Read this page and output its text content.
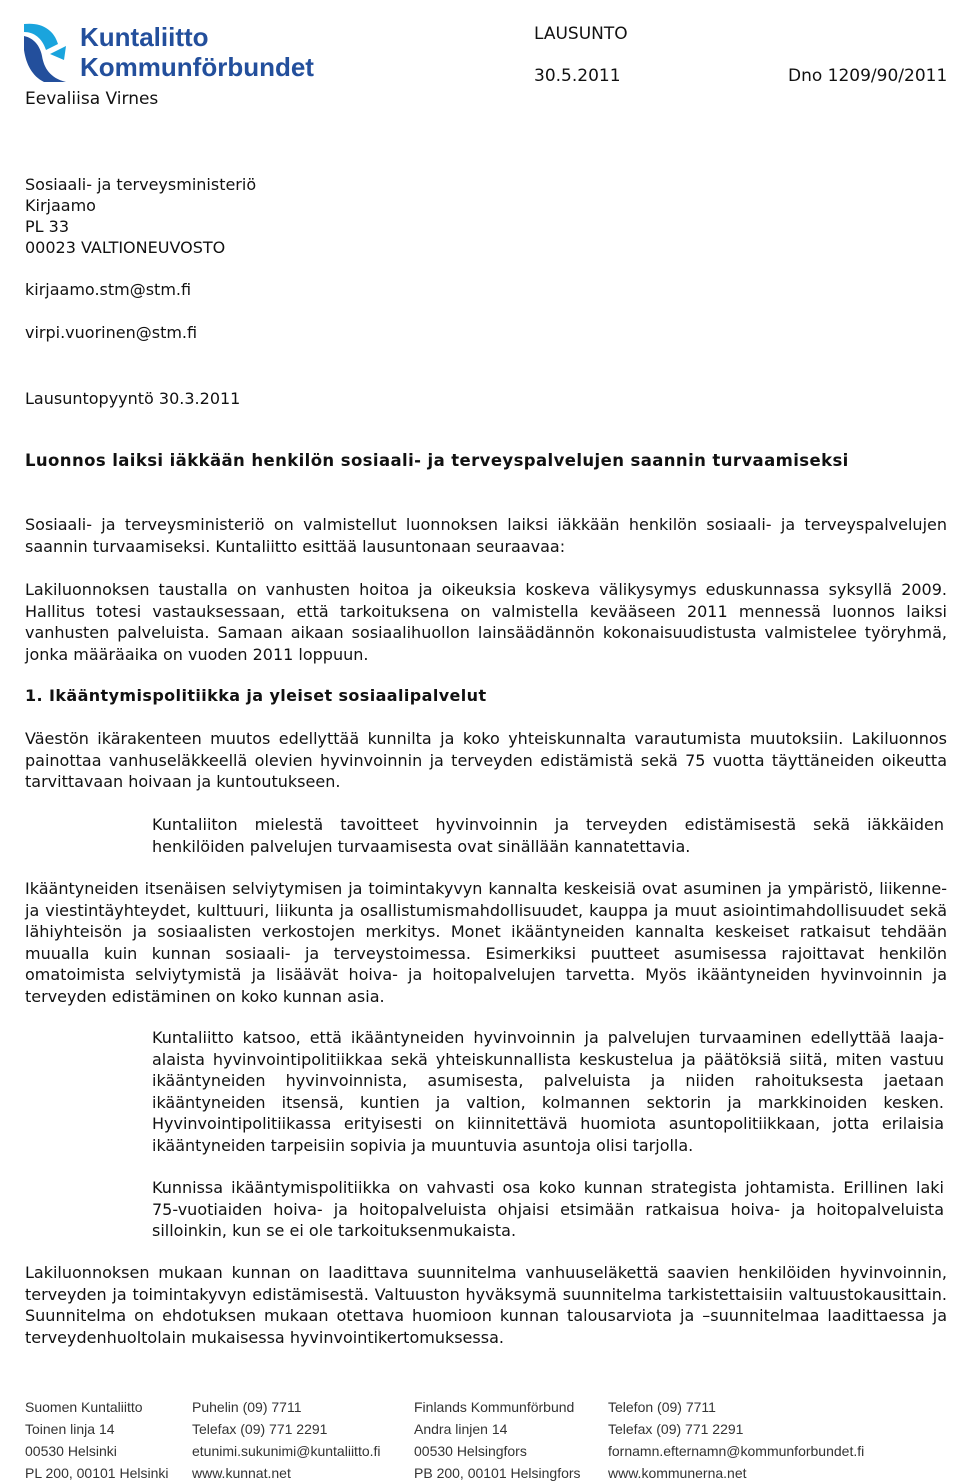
Kuntaliitto
Kommunförbundet
LAUSUNTO
30.5.2011	Dno 1209/90/2011
Eevaliisa Virnes
Sosiaali- ja terveysministeriö
Kirjaamo
PL 33
00023 VALTIONEUVOSTO
kirjaamo.stm@stm.fi
virpi.vuorinen@stm.fi
Lausuntopyyntö 30.3.2011
Luonnos laiksi iäkkään henkilön sosiaali- ja terveyspalvelujen saannin turvaamiseksi
Sosiaali- ja terveysministeriö on valmistellut luonnoksen laiksi iäkkään henkilön sosiaali- ja terveyspalvelujen saannin turvaamiseksi. Kuntaliitto esittää lausuntonaan seuraavaa:
Lakiluonnoksen taustalla on vanhusten hoitoa ja oikeuksia koskeva välikysymys eduskunnassa syksyllä 2009. Hallitus totesi vastauksessaan, että tarkoituksena on valmistella kevääseen 2011 mennessä luonnos laiksi vanhusten palveluista. Samaan aikaan sosiaalihuollon lainsäädännön kokonaisuudistusta valmistelee työryhmä, jonka määräaika on vuoden 2011 loppuun.
1. Ikääntymispolitiikka ja yleiset sosiaalipalvelut
Väestön ikärakenteen muutos edellyttää kunnilta ja koko yhteiskunnalta varautumista muutoksiin. Lakiluonnos painottaa vanhuseläkkeellä olevien hyvinvoinnin ja terveyden edistämistä sekä 75 vuotta täyttäneiden oikeutta tarvittavaan hoivaan ja kuntoutukseen.
Kuntaliiton mielestä tavoitteet hyvinvoinnin ja terveyden edistämisestä sekä iäkkäiden henkilöiden palvelujen turvaamisesta ovat sinällään kannatettavia.
Ikääntyneiden itsenäisen selviytymisen ja toimintakyvyn kannalta keskeisiä ovat asuminen ja ympäristö, liikenne- ja viestintäyhteydet, kulttuuri, liikunta ja osallistumismahdollisuudet, kauppa ja muut asiointimahdollisuudet sekä lähiyhteisön ja sosiaalisten verkostojen merkitys. Monet ikääntyneiden kannalta keskeiset ratkaisut tehdään muualla kuin kunnan sosiaali- ja terveystoimessa. Esimerkiksi puutteet asumisessa rajoittavat henkilön omatoimista selviytymistä ja lisäävät hoiva- ja hoitopalvelujen tarvetta. Myös ikääntyneiden hyvinvoinnin ja terveyden edistäminen on koko kunnan asia.
Kuntaliitto katsoo, että ikääntyneiden hyvinvoinnin ja palvelujen turvaaminen edellyttää laaja-alaista hyvinvointipolitiikkaa sekä yhteiskunnallista keskustelua ja päätöksiä siitä, miten vastuu ikääntyneiden hyvinvoinnista, asumisesta, palveluista ja niiden rahoituksesta jaetaan ikääntyneiden itsensä, kuntien ja valtion, kolmannen sektorin ja markkinoiden kesken. Hyvinvointipolitiikassa erityisesti on kiinnitettävä huomiota asuntopolitiikkaan, jotta erilaisia ikääntyneiden tarpeisiin sopivia ja muuntuvia asuntoja olisi tarjolla.
Kunnissa ikääntymispolitiikka on vahvasti osa koko kunnan strategista johtamista. Erillinen laki 75-vuotiaiden hoiva- ja hoitopalveluista ohjaisi etsimään ratkaisua hoiva- ja hoitopalveluista silloinkin, kun se ei ole tarkoituksenmukaista.
Lakiluonnoksen mukaan kunnan on laadittava suunnitelma vanhuuseläkettä saavien henkilöiden hyvinvoinnin, terveyden ja toimintakyvyn edistämisestä. Valtuuston hyväksymä suunnitelma tarkistettaisiin valtuustokausittain. Suunnitelma on ehdotuksen mukaan otettava huomioon kunnan talousarviota ja –suunnitelmaa laadittaessa ja terveydenhuoltolain mukaisessa hyvinvointikertomuksessa.
Suomen Kuntaliitto
Toinen linja 14
00530 Helsinki
PL 200, 00101 Helsinki
Puhelin (09) 7711
Telefax (09) 771 2291
etunimi.sukunimi@kuntaliitto.fi
www.kunnat.net
Finlands Kommunförbund
Andra linjen 14
00530 Helsingfors
PB 200, 00101 Helsingfors
Telefon (09) 7711
Telefax (09) 771 2291
fornamn.efternamn@kommunforbundet.fi
www.kommunerna.net
